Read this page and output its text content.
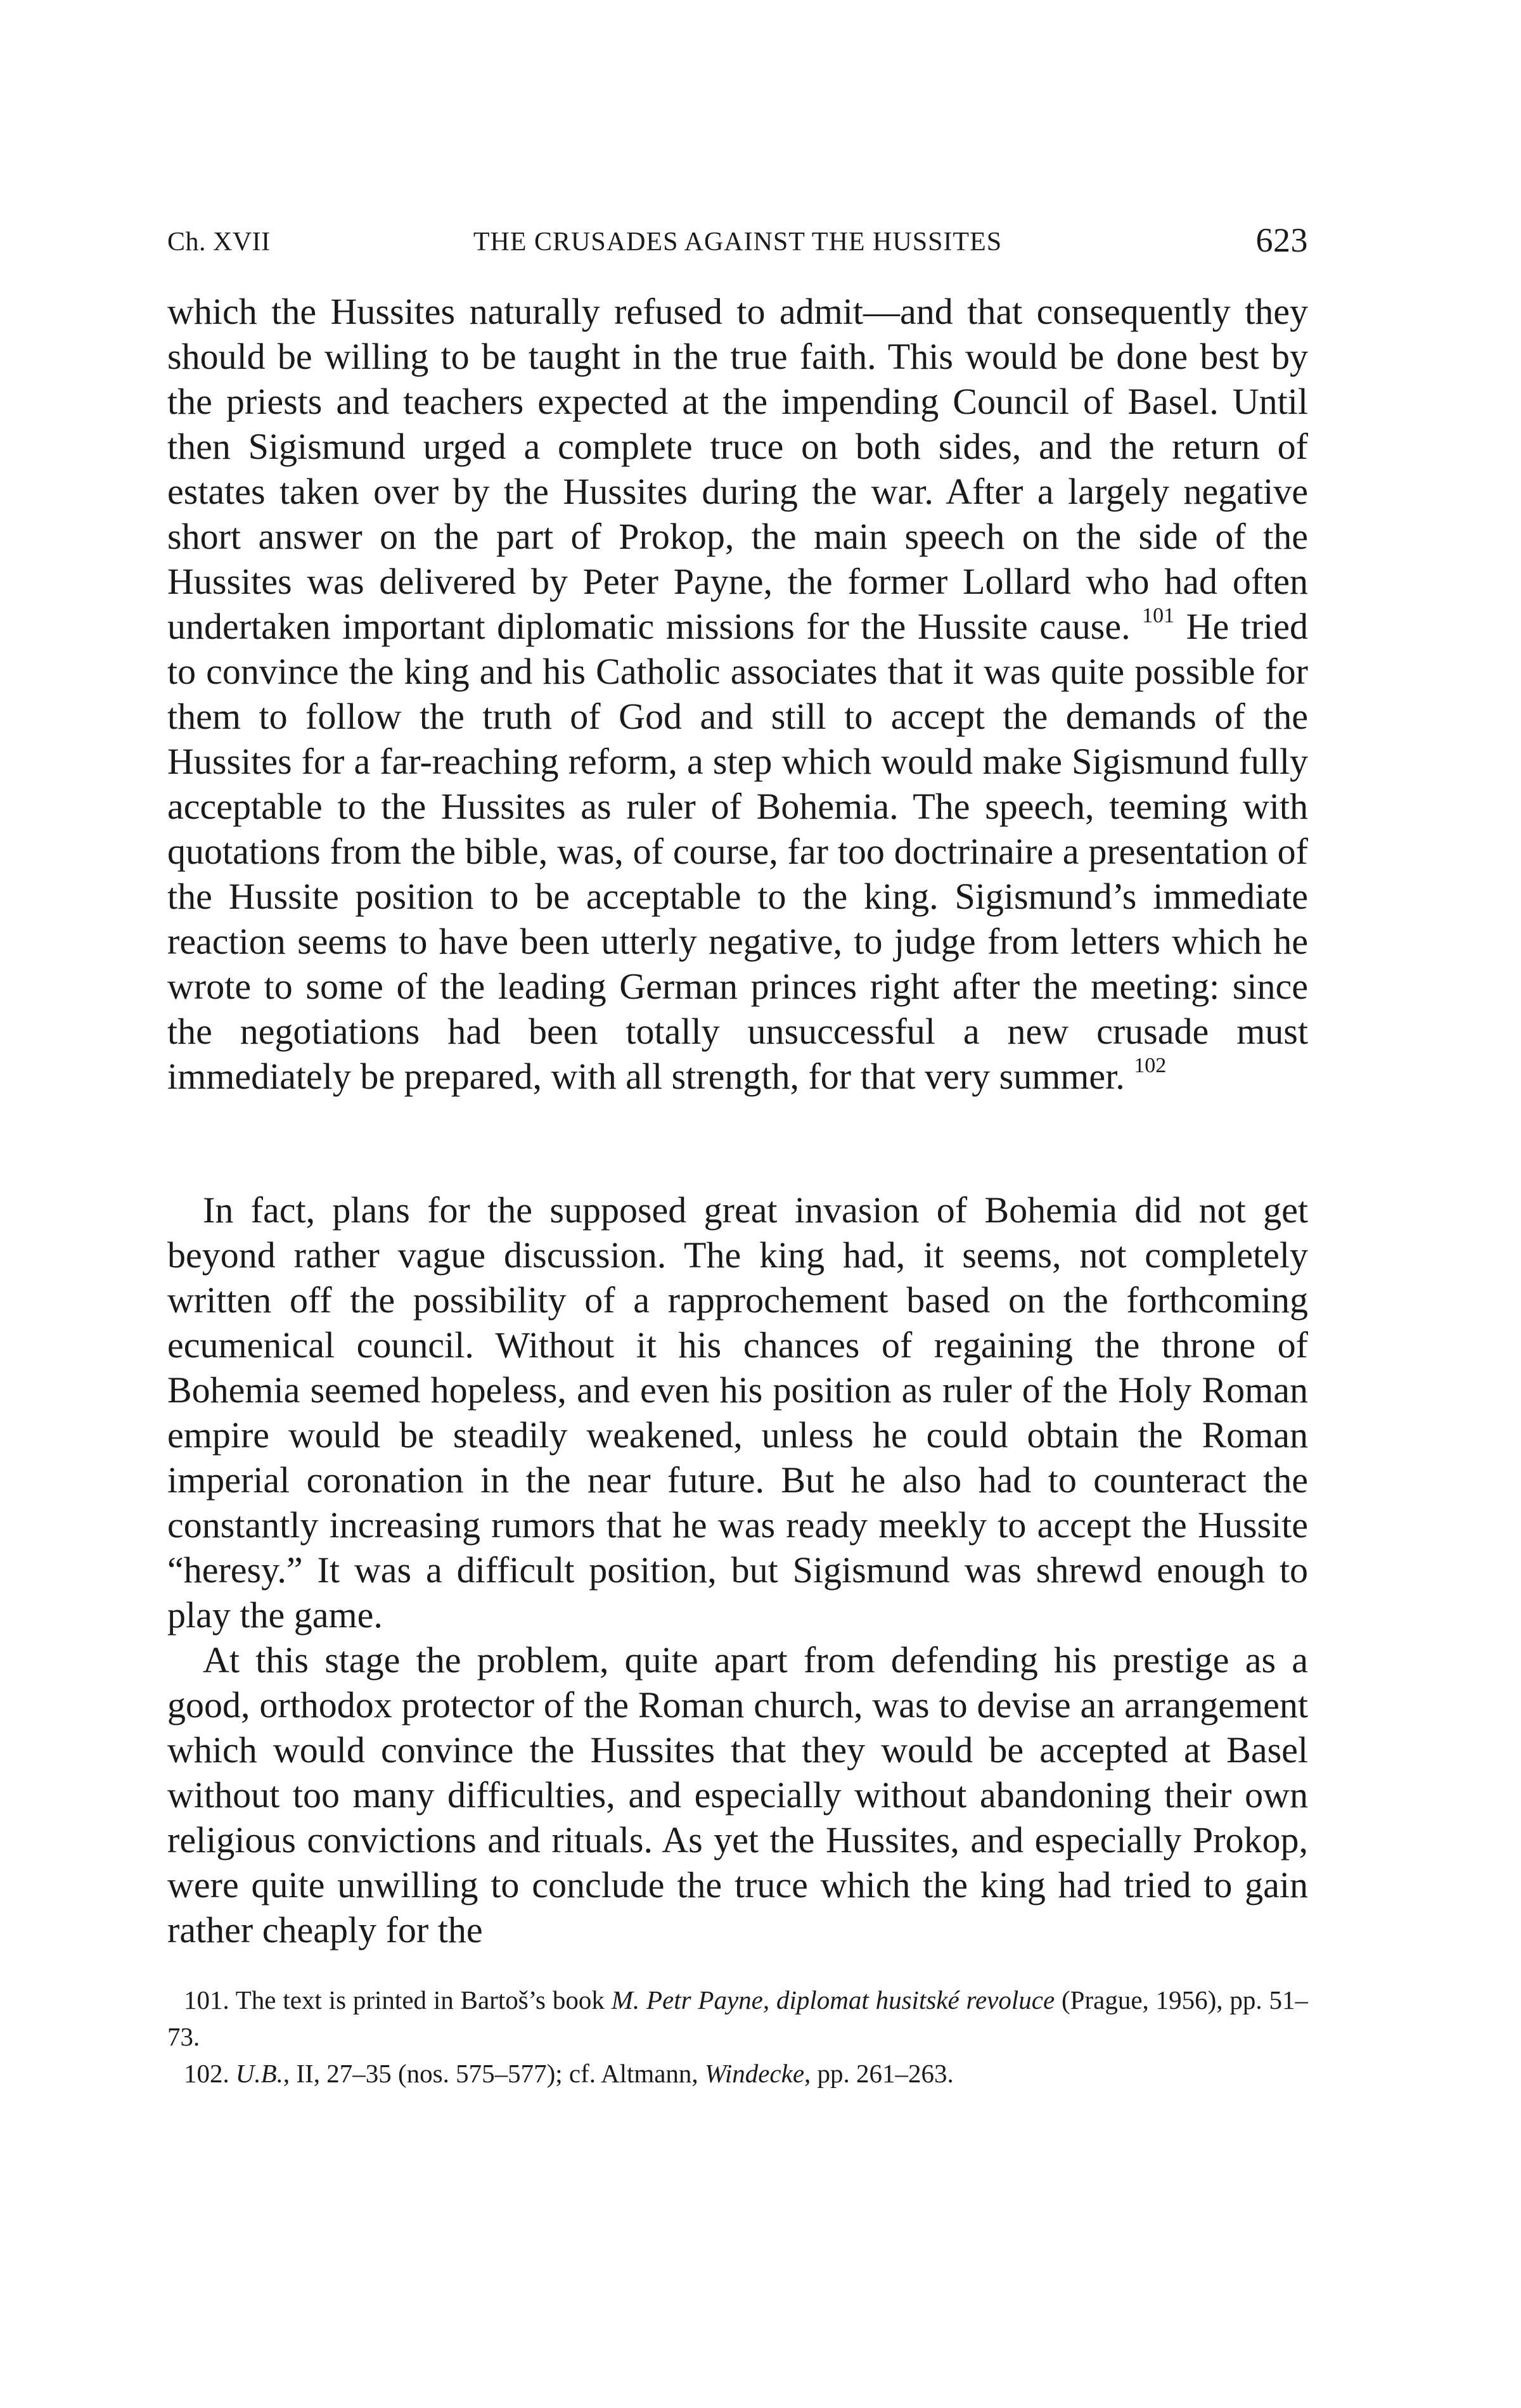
Ch. XVII	THE CRUSADES AGAINST THE HUSSITES	623

which the Hussites naturally refused to admit—and that consequently they should be willing to be taught in the true faith. This would be done best by the priests and teachers expected at the impending Council of Basel. Until then Sigismund urged a complete truce on both sides, and the return of estates taken over by the Hussites during the war. After a largely negative short answer on the part of Prokop, the main speech on the side of the Hussites was delivered by Peter Payne, the former Lollard who had often undertaken important diplomatic missions for the Hussite cause. $^{101}$ He tried to convince the king and his Catholic associates that it was quite possible for them to follow the truth of God and still to accept the demands of the Hussites for a far-reaching reform, a step which would make Sigismund fully acceptable to the Hussites as ruler of Bohemia. The speech, teeming with quotations from the bible, was, of course, far too doctrinaire a presentation of the Hussite position to be acceptable to the king. Sigismund’s immediate reaction seems to have been utterly negative, to judge from letters which he wrote to some of the leading German princes right after the meeting: since the negotiations had been totally unsuccessful a new crusade must immediately be prepared, with all strength, for that very summer. $^{102}$

In fact, plans for the supposed great invasion of Bohemia did not get beyond rather vague discussion. The king had, it seems, not completely written off the possibility of a rapprochement based on the forthcoming ecumenical council. Without it his chances of regaining the throne of Bohemia seemed hopeless, and even his position as ruler of the Holy Roman empire would be steadily weakened, unless he could obtain the Roman imperial coronation in the near future. But he also had to counteract the constantly increasing rumors that he was ready meekly to accept the Hussite “heresy.” It was a difficult position, but Sigismund was shrewd enough to play the game.

At this stage the problem, quite apart from defending his prestige as a good, orthodox protector of the Roman church, was to devise an arrangement which would convince the Hussites that they would be accepted at Basel without too many difficulties, and especially without abandoning their own religious convictions and rituals. As yet the Hussites, and especially Prokop, were quite unwilling to conclude the truce which the king had tried to gain rather cheaply for the

101. The text is printed in Bartoš’s book M. Petr Payne, diplomat husitské revoluce (Prague, 1956), pp. 51–73.

102. U.B., II, 27–35 (nos. 575–577); cf. Altmann, Windecke, pp. 261–263.
